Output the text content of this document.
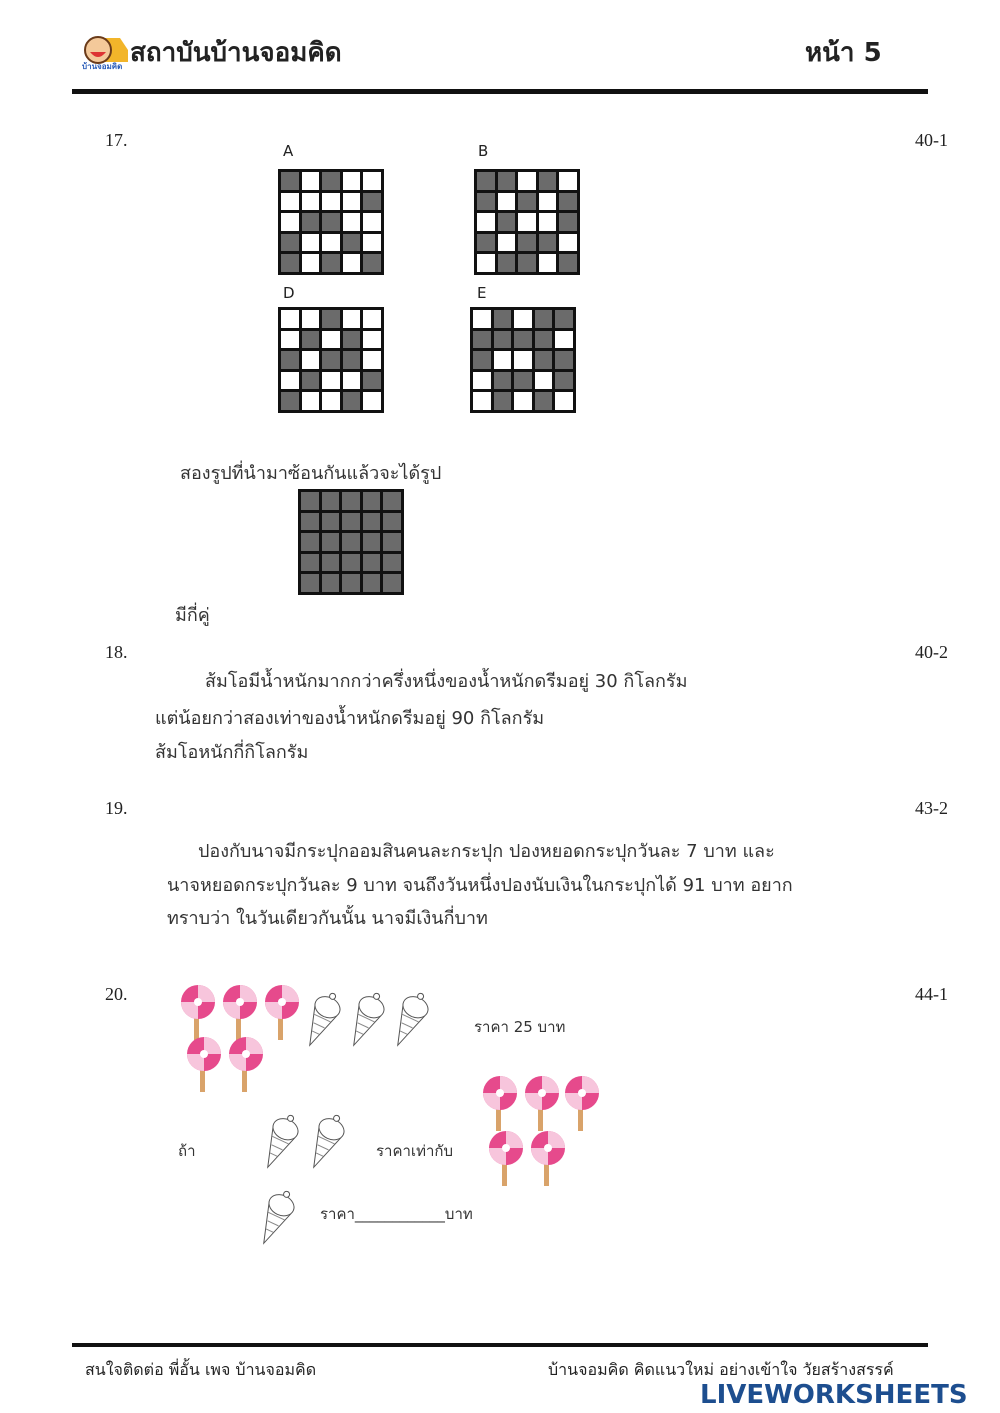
บ้านจอมคิด สถาบันบ้านจอมคิด	หน้า 5
17.	40-1
A	B
D	E
สองรูปที่นำมาซ้อนกันแล้วจะได้รูป
มีกี่คู่
18.	40-2
ส้มโอมีน้ำหนักมากกว่าครึ่งหนึ่งของน้ำหนักดรีมอยู่ 30 กิโลกรัม
แต่น้อยกว่าสองเท่าของน้ำหนักดรีมอยู่ 90 กิโลกรัม
ส้มโอหนักกี่กิโลกรัม
19.	43-2
ปองกับนาจมีกระปุกออมสินคนละกระปุก ปองหยอดกระปุกวันละ 7 บาท และ
นาจหยอดกระปุกวันละ 9 บาท จนถึงวันหนึ่งปองนับเงินในกระปุกได้ 91 บาท อยาก
ทราบว่า ในวันเดียวกันนั้น นาจมีเงินกี่บาท
20.	44-1
ราคา 25 บาท
ถ้า	ราคาเท่ากับ
ราคา____________บาท
สนใจติดต่อ พี่อั้น เพจ บ้านจอมคิด	บ้านจอมคิด คิดแนวใหม่ อย่างเข้าใจ วัยสร้างสรรค์
LIVEWORKSHEETS
